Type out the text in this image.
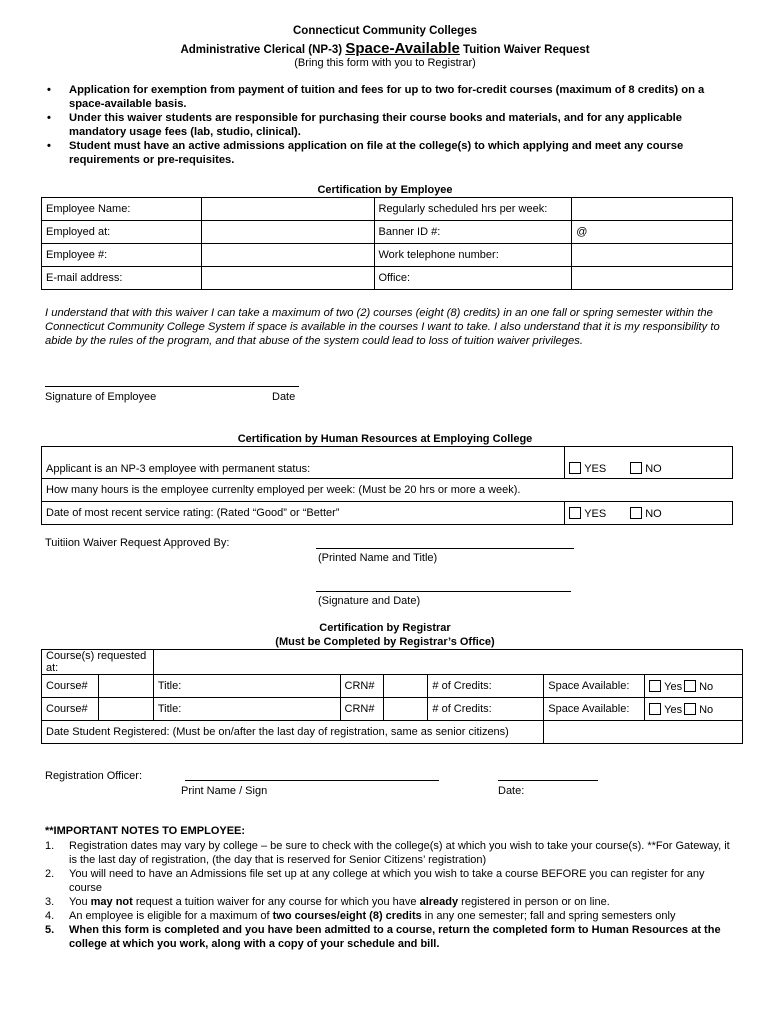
Connecticut Community Colleges
Administrative Clerical (NP-3) Space-Available Tuition Waiver Request
(Bring this form with you to Registrar)
• Application for exemption from payment of tuition and fees for up to two for-credit courses (maximum of 8 credits) on a space-available basis.
• Under this waiver students are responsible for purchasing their course books and materials, and for any applicable mandatory usage fees (lab, studio, clinical).
• Student must have an active admissions application on file at the college(s) to which applying and meet any course requirements or pre-requisites.
Certification by Employee
Employee Name:		Regularly scheduled hrs per week:	
Employed at:		Banner ID #:	@
Employee #:		Work telephone number:	
E-mail address:		Office:	
I understand that with this waiver I can take a maximum of two (2) courses (eight (8) credits) in an one fall or spring semester within the Connecticut Community College System if space is available in the courses I want to take. I also understand that it is my responsibility to abide by the rules of the program, and that abuse of the system could lead to loss of tuition waiver privileges.
Signature of Employee	Date
Certification by Human Resources at Employing College
Applicant is an NP-3 employee with permanent status:	YES NO
How many hours is the employee currenlty employed per week: (Must be 20 hrs or more a week).	
Date of most recent service rating: (Rated “Good” or “Better”	YES NO
Tuitiion Waiver Request Approved By:
(Printed Name and Title)
(Signature and Date)
Certification by Registrar
(Must be Completed by Registrar’s Office)
Course(s) requested at:							
Course#		Title:	CRN#		# of Credits:	Space Available:	Yes No
Course#		Title:	CRN#		# of Credits:	Space Available:	Yes No
Date Student Registered: (Must be on/after the last day of registration, same as senior citizens)							
Registration Officer:
Print Name / Sign	Date:
**IMPORTANT NOTES TO EMPLOYEE:
1. Registration dates may vary by college – be sure to check with the college(s) at which you wish to take your course(s). **For Gateway, it is the last day of registration, (the day that is reserved for Senior Citizens’ registration)
2. You will need to have an Admissions file set up at any college at which you wish to take a course BEFORE you can register for any course
3. You may not request a tuition waiver for any course for which you have already registered in person or on line.
4. An employee is eligible for a maximum of two courses/eight (8) credits in any one semester; fall and spring semesters only
5. When this form is completed and you have been admitted to a course, return the completed form to Human Resources at the college at which you work, along with a copy of your schedule and bill.
